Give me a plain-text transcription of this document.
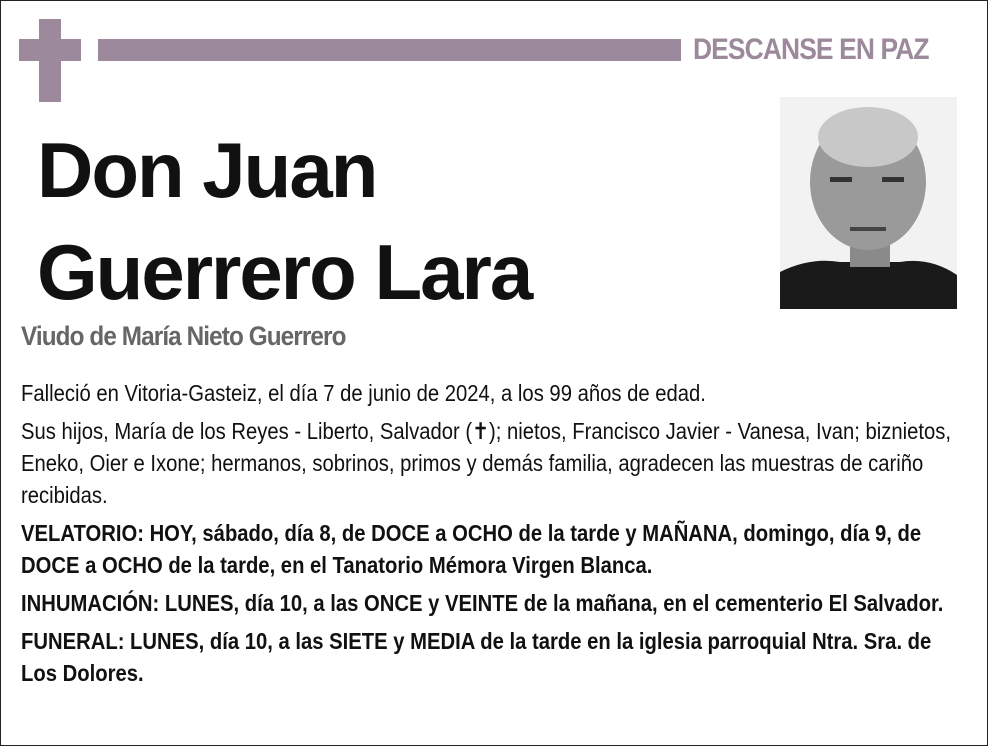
DESCANSE EN PAZ
Don Juan
Guerrero Lara
Viudo de María Nieto Guerrero

Falleció en Vitoria-Gasteiz, el día 7 de junio de 2024, a los 99 años de edad.

Sus hijos, María de los Reyes - Liberto, Salvador (✝); nietos, Francisco Javier - Vanesa, Ivan; biznietos, Eneko, Oier e Ixone; hermanos, sobrinos, primos y demás familia, agradecen las muestras de cariño recibidas.

VELATORIO: HOY, sábado, día 8, de DOCE a OCHO de la tarde y MAÑANA, domingo, día 9, de DOCE a OCHO de la tarde, en el Tanatorio Mémora Virgen Blanca.

INHUMACIÓN: LUNES, día 10, a las ONCE y VEINTE de la mañana, en el cementerio El Salvador.

FUNERAL: LUNES, día 10, a las SIETE y MEDIA de la tarde en la iglesia parroquial Ntra. Sra. de Los Dolores.
